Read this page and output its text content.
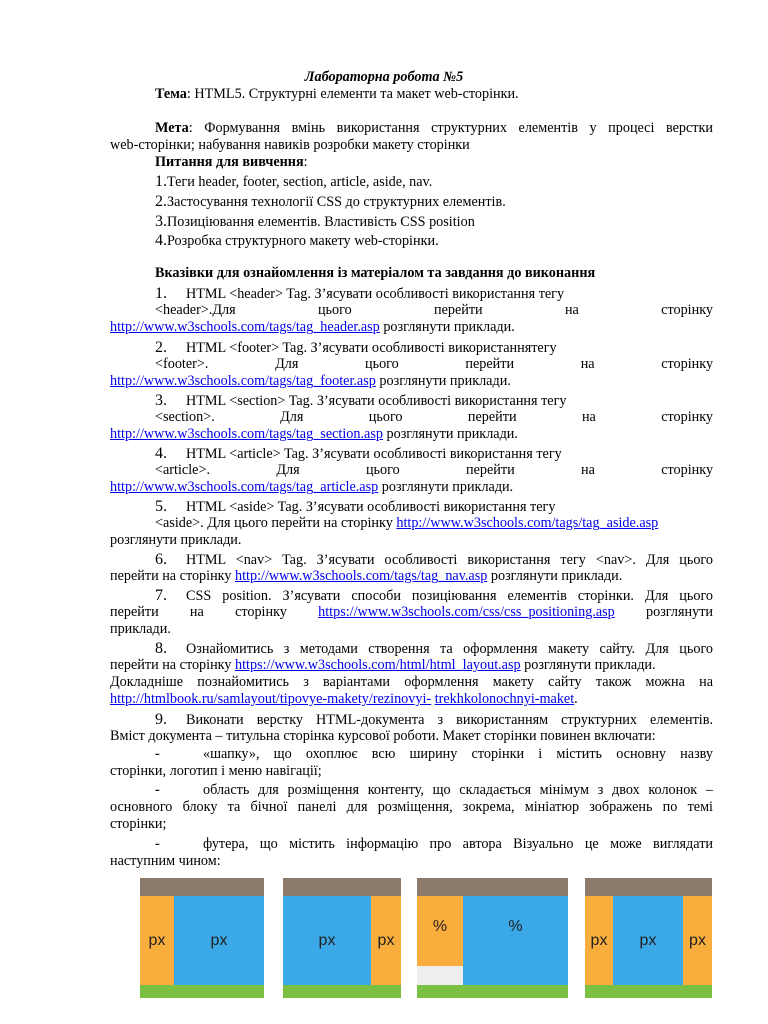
Лабораторна робота №5
Тема: HTML5. Структурні елементи та макет web-сторінки.
Мета: Формування вмінь використання структурних елементів у процесі верстки
web-сторінки; набування навиків розробки макету сторінки
Питання для вивчення:
1.Теги header, footer, section, article, aside, nav.
2.Застосування технології CSS до структурних елементів.
3.Позиціювання елементів. Властивість CSS position
4.Розробка структурного макету web-сторінки.
Вказівки для ознайомлення із матеріалом та завдання до виконання
1. HTML <header> Tag. З’ясувати особливості використання тегу
<header>.Для	цього	перейти	на	сторінку
http://www.w3schools.com/tags/tag_header.asp розглянути приклади.
2. HTML <footer> Tag. З’ясувати особливості використаннятегу
<footer>.	Для	цього	перейти	на	сторінку
http://www.w3schools.com/tags/tag_footer.asp розглянути приклади.
3. HTML <section> Tag. З’ясувати особливості використання тегу
<section>.	Для	цього	перейти	на	сторінку
http://www.w3schools.com/tags/tag_section.asp розглянути приклади.
4. HTML <article> Tag. З’ясувати особливості використання тегу
<article>.	Для	цього	перейти	на	сторінку
http://www.w3schools.com/tags/tag_article.asp розглянути приклади.
5. HTML <aside> Tag. З’ясувати особливості використання тегу
<aside>. Для цього перейти на сторінку http://www.w3schools.com/tags/tag_aside.asp
розглянути приклади.
6. HTML <nav> Tag. З’ясувати особливості використання тегу <nav>. Для цього
перейти на сторінку http://www.w3schools.com/tags/tag_nav.asp розглянути приклади.
7. CSS position. З’ясувати способи позиціювання елементів сторінки. Для цього
перейти на сторінку https://www.w3schools.com/css/css_positioning.asp розглянути
приклади.
8. Ознайомитись з методами створення та оформлення макету сайту. Для цього
перейти на сторінку https://www.w3schools.com/html/html_layout.asp розглянути приклади.
Докладніше познайомитись з варіантами оформлення макету сайту також можна на
http://htmlbook.ru/samlayout/tipovye-makety/rezinovyi- trekhkolonochnyi-maket.
9. Виконати верстку HTML-документа з використанням структурних елементів.
Вміст документа – титульна сторінка курсової роботи. Макет сторінки повинен включати:
-	«шапку», що охоплює всю ширину сторінки і містить основну назву
сторінки, логотип і меню навігації;
-	область для розміщення контенту, що складається мінімум з двох колонок –
основного блоку та бічної панелі для розміщення, зокрема, мініатюр зображень по темі
сторінки;
-	футера, що містить інформацію про автора Візуально це може виглядати
наступним чином:
px	px	px	px
%	%
px	px	px
